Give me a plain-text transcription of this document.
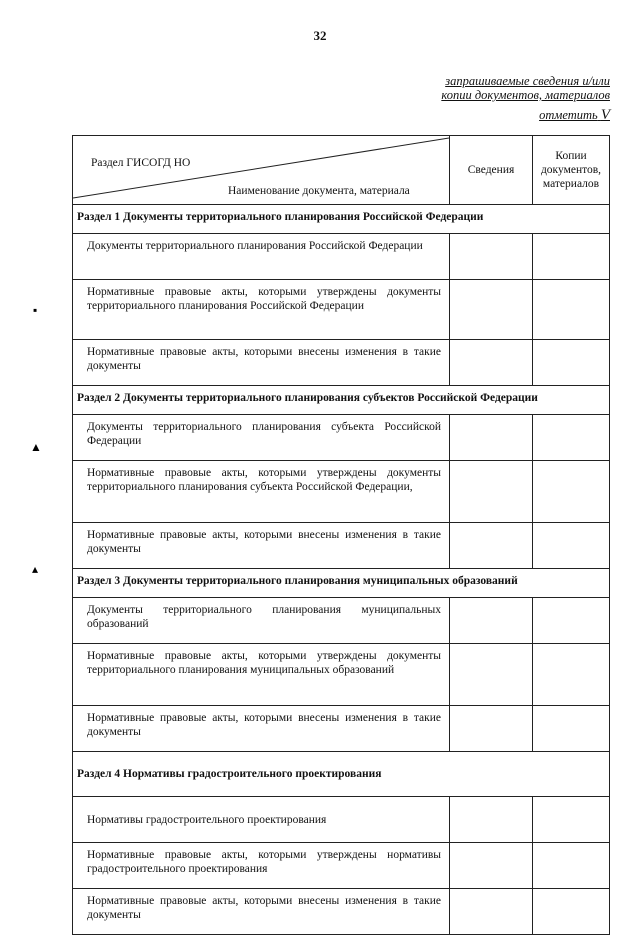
32
запрашиваемые сведения и/или
копии документов, материалов
отметить V
▪
▲
▴
Раздел ГИСОГД НО
Наименование документа, материала	Сведения	Копии документов, материалов
Раздел 1 Документы территориального планирования Российской Федерации		
Документы территориального планирования Российской Федерации		
Нормативные правовые акты, которыми утверждены документы территориального планирования Российской Федерации		
Нормативные правовые акты, которыми внесены изменения в такие документы		
Раздел 2 Документы территориального планирования субъектов Российской Федерации		
Документы территориального планирования субъекта Российской Федерации		
Нормативные правовые акты, которыми утверждены документы территориального планирования субъекта Российской Федерации,		
Нормативные правовые акты, которыми внесены изменения в такие документы		
Раздел 3 Документы территориального планирования муниципальных образований		
Документы территориального планирования муниципальных образований		
Нормативные правовые акты, которыми утверждены документы территориального планирования муниципальных образований		
Нормативные правовые акты, которыми внесены изменения в такие документы		
Раздел 4 Нормативы градостроительного проектирования		
Нормативы градостроительного проектирования		
Нормативные правовые акты, которыми утверждены нормативы градостроительного проектирования		
Нормативные правовые акты, которыми внесены изменения в такие документы		
